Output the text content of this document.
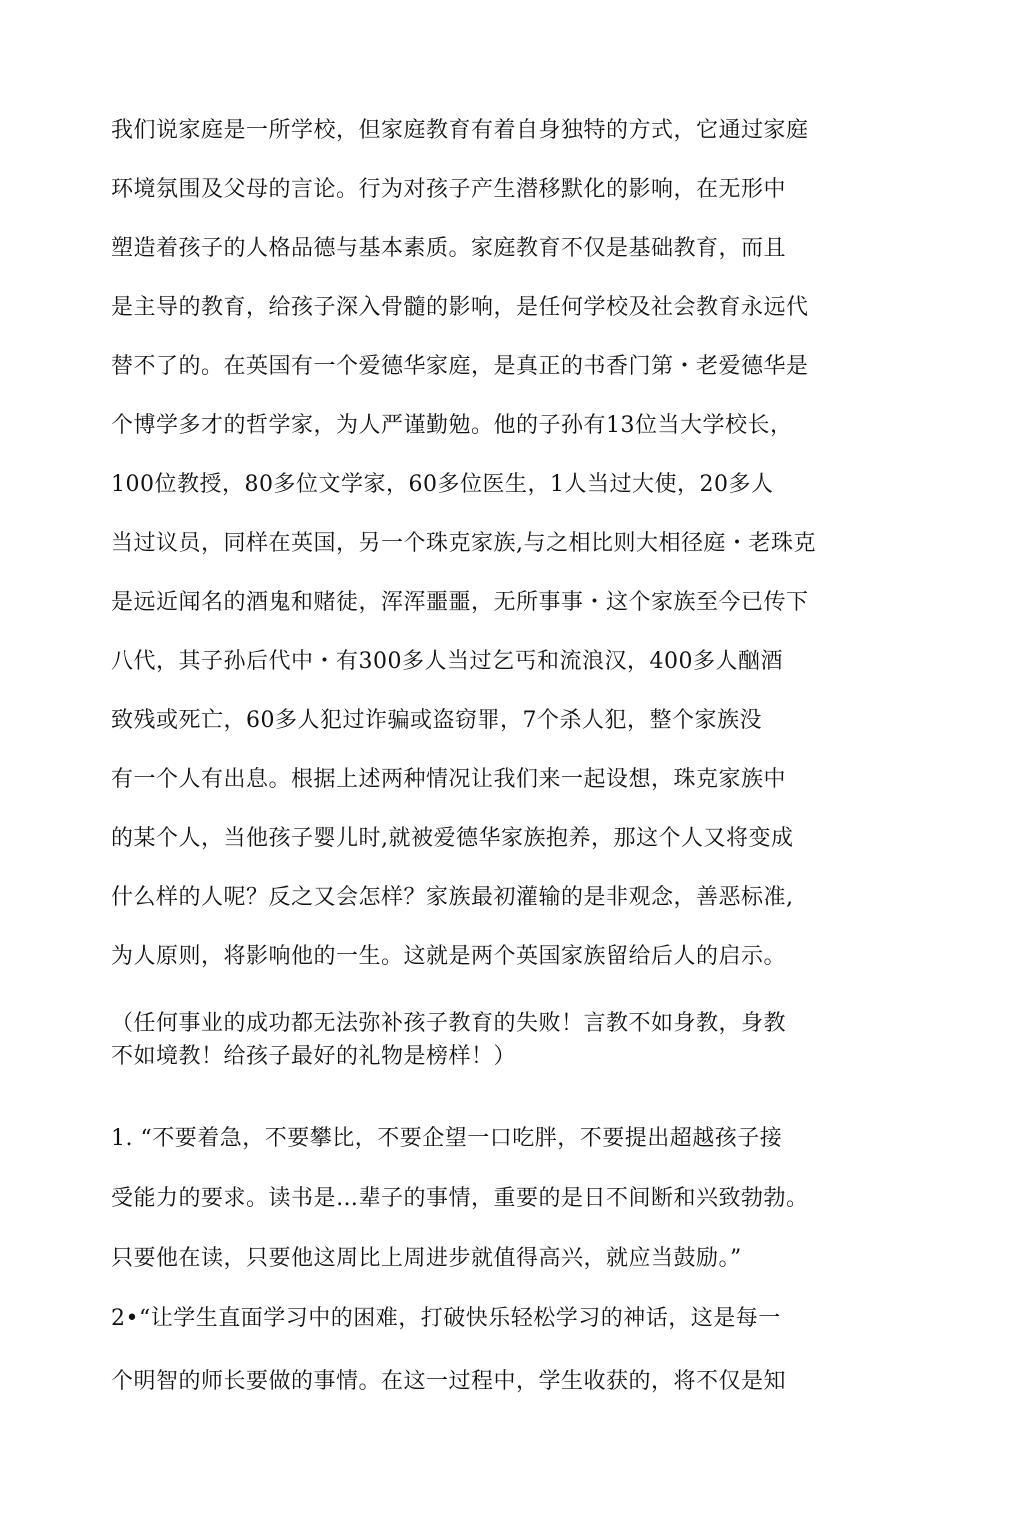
我们说家庭是一所学校，但家庭教育有着自身独特的方式，它通过家庭
环境氛围及父母的言论。行为对孩子产生潜移默化的影响，在无形中
塑造着孩子的人格品德与基本素质。家庭教育不仅是基础教育，而且
是主导的教育，给孩子深入骨髓的影响，是任何学校及社会教育永远代
替不了的。在英国有一个爱德华家庭，是真正的书香门第・老爱德华是
个博学多才的哲学家，为人严谨勤勉。他的子孙有13位当大学校长，
100位教授，80多位文学家，60多位医生，1人当过大使，20多人
当过议员，同样在英国，另一个珠克家族,与之相比则大相径庭・老珠克
是远近闻名的酒鬼和赌徒，浑浑噩噩，无所事事・这个家族至今已传下
八代，其子孙后代中・有300多人当过乞丐和流浪汉，400多人酗酒
致残或死亡，60多人犯过诈骗或盗窃罪，7个杀人犯，整个家族没
有一个人有出息。根据上述两种情况让我们来一起设想，珠克家族中
的某个人，当他孩子婴儿时,就被爱德华家族抱养，那这个人又将变成
什么样的人呢？反之又会怎样？家族最初灌输的是非观念，善恶标准,
为人原则，将影响他的一生。这就是两个英国家族留给后人的启示。
（任何事业的成功都无法弥补孩子教育的失败！言教不如身教，身教
不如境教！给孩子最好的礼物是榜样！）
1. “不要着急，不要攀比，不要企望一口吃胖，不要提出超越孩子接
受能力的要求。读书是…辈子的事情，重要的是日不间断和兴致勃勃。
只要他在读，只要他这周比上周进步就值得高兴，就应当鼓励。”
2•“让学生直面学习中的困难，打破快乐轻松学习的神话，这是每一
个明智的师长要做的事情。在这一过程中，学生收获的，将不仅是知
